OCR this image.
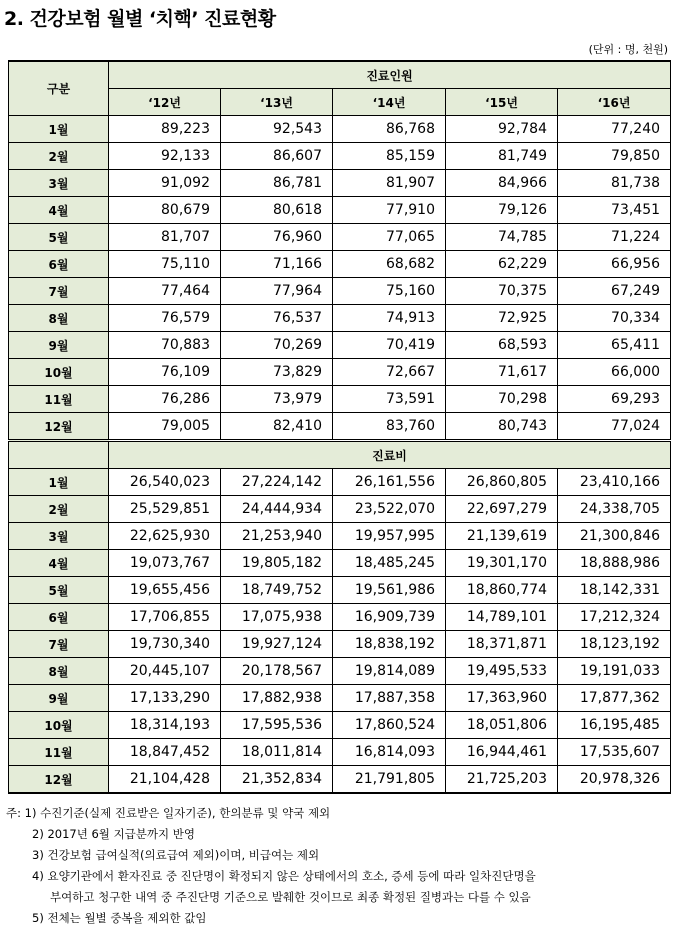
2. 건강보험 월별 ‘치핵’ 진료현황
(단위 : 명, 천원)
구분	진료인원				
	‘12년	‘13년	‘14년	‘15년	‘16년
1월	89,223	92,543	86,768	92,784	77,240
2월	92,133	86,607	85,159	81,749	79,850
3월	91,092	86,781	81,907	84,966	81,738
4월	80,679	80,618	77,910	79,126	73,451
5월	81,707	76,960	77,065	74,785	71,224
6월	75,110	71,166	68,682	62,229	66,956
7월	77,464	77,964	75,160	70,375	67,249
8월	76,579	76,537	74,913	72,925	70,334
9월	70,883	70,269	70,419	68,593	65,411
10월	76,109	73,829	72,667	71,617	66,000
11월	76,286	73,979	73,591	70,298	69,293
12월	79,005	82,410	83,760	80,743	77,024
	진료비				
1월	26,540,023	27,224,142	26,161,556	26,860,805	23,410,166
2월	25,529,851	24,444,934	23,522,070	22,697,279	24,338,705
3월	22,625,930	21,253,940	19,957,995	21,139,619	21,300,846
4월	19,073,767	19,805,182	18,485,245	19,301,170	18,888,986
5월	19,655,456	18,749,752	19,561,986	18,860,774	18,142,331
6월	17,706,855	17,075,938	16,909,739	14,789,101	17,212,324
7월	19,730,340	19,927,124	18,838,192	18,371,871	18,123,192
8월	20,445,107	20,178,567	19,814,089	19,495,533	19,191,033
9월	17,133,290	17,882,938	17,887,358	17,363,960	17,877,362
10월	18,314,193	17,595,536	17,860,524	18,051,806	16,195,485
11월	18,847,452	18,011,814	16,814,093	16,944,461	17,535,607
12월	21,104,428	21,352,834	21,791,805	21,725,203	20,978,326
주: 1) 수진기준(실제 진료받은 일자기준), 한의분류 및 약국 제외
2) 2017년 6월 지급분까지 반영
3) 건강보험 급여실적(의료급여 제외)이며, 비급여는 제외
4) 요양기관에서 환자진료 중 진단명이 확정되지 않은 상태에서의 호소, 증세 등에 따라 일차진단명을
부여하고 청구한 내역 중 주진단명 기준으로 발췌한 것이므로 최종 확정된 질병과는 다를 수 있음
5) 전체는 월별 중복을 제외한 값임
